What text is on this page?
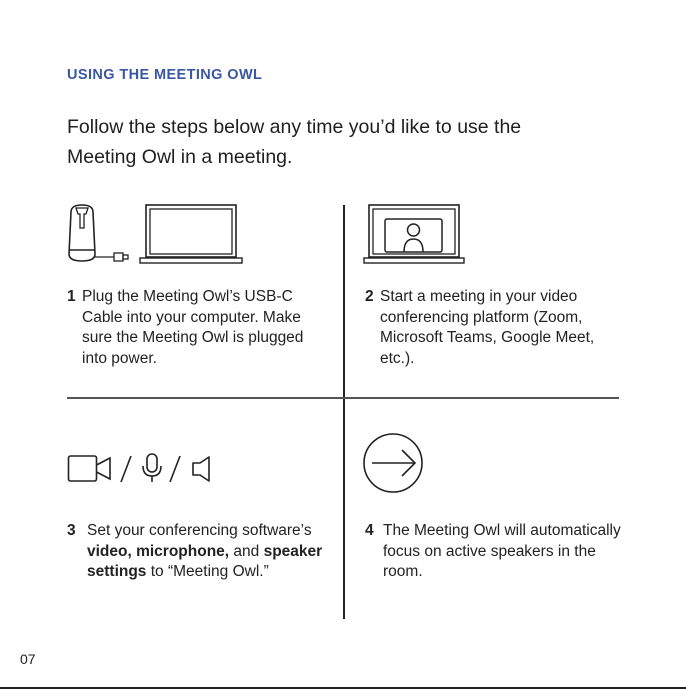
USING THE MEETING OWL
Follow the steps below any time you’d like to use the Meeting Owl in a meeting.
1 Plug the Meeting Owl’s USB-C Cable into your computer. Make sure the Meeting Owl is plugged into power.
2 Start a meeting in your video conferencing platform (Zoom, Microsoft Teams, Google Meet, etc.).
3 Set your conferencing software’s video, microphone, and speaker settings to “Meeting Owl.”
4 The Meeting Owl will automatically focus on active speakers in the room.
07
